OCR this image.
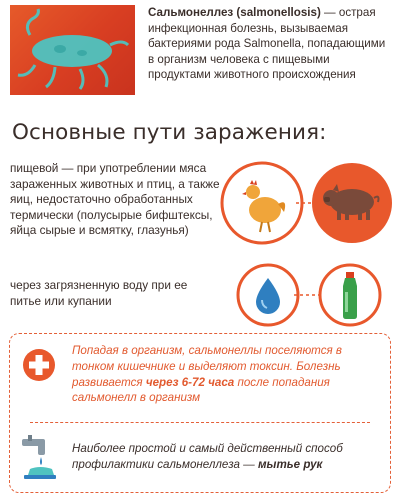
Сальмонеллез (salmonellosis) — острая инфекционная болезнь, вызываемая бактериями рода Salmonella, попадающими в организм человека с пищевыми продуктами животного происхождения
Основные пути заражения:
пищевой — при употреблении мяса зараженных животных и птиц, а также яиц, недостаточно обработанных термически (полусырые бифштексы, яйца сырые и всмятку, глазунья)
через загрязненную воду при ее питье или купании
Попадая в организм, сальмонеллы поселяются в тонком кишечнике и выделяют токсин. Болезнь развивается через 6-72 часа после попадания сальмонелл в организм
Наиболее простой и самый действенный способ профилактики сальмонеллеза — мытье рук
